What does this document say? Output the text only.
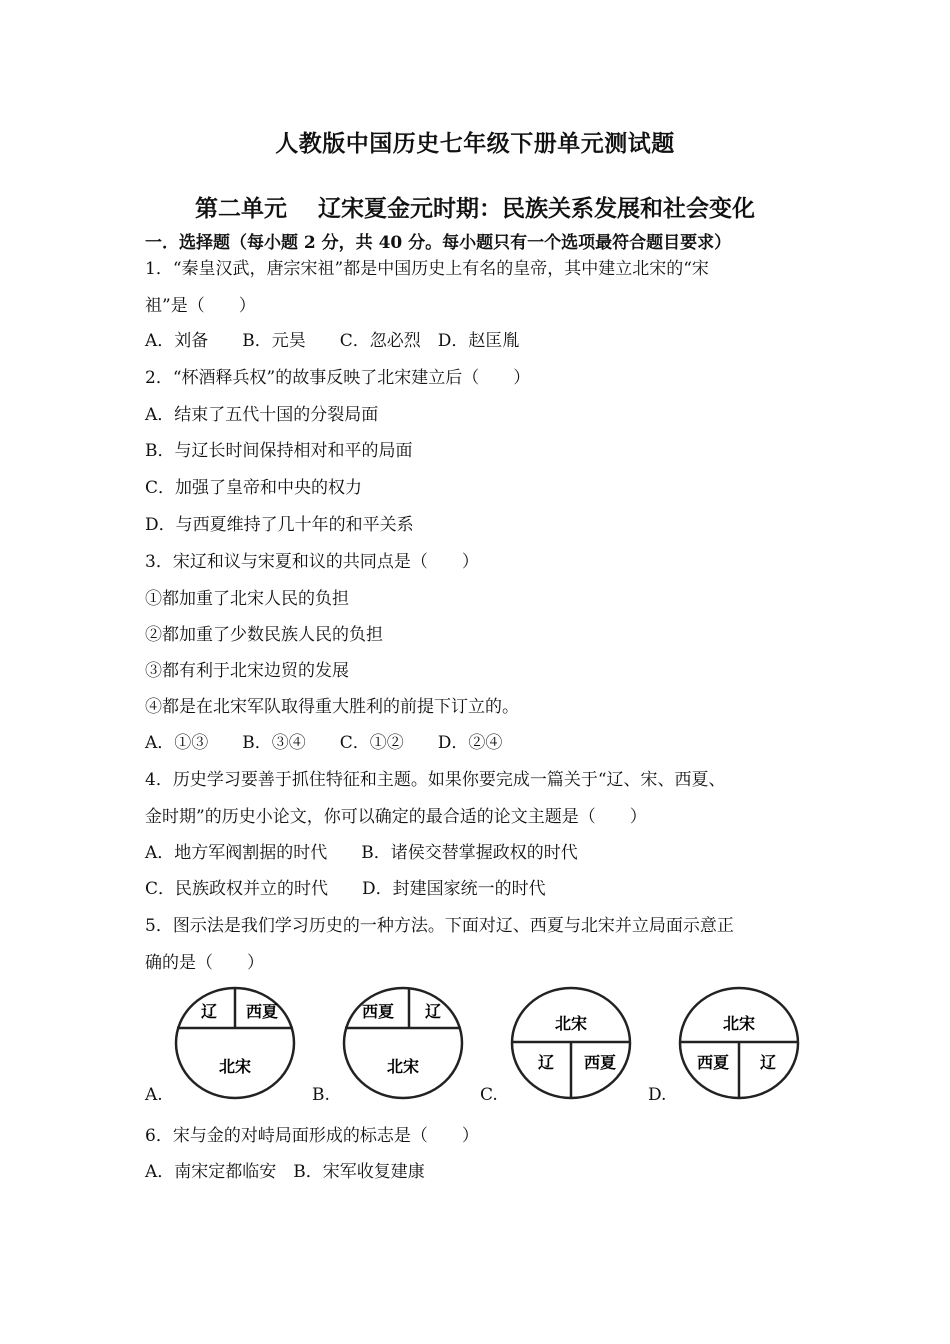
人教版中国历史七年级下册单元测试题
第二单元　 辽宋夏金元时期：民族关系发展和社会变化
一．选择题（每小题 2 分，共 40 分。每小题只有一个选项最符合题目要求）
1．“秦皇汉武，唐宗宋祖”都是中国历史上有名的皇帝，其中建立北宋的“宋
祖”是（　　）
A．刘备　　B．元昊　　C．忽必烈　D．赵匡胤
2．“杯酒释兵权”的故事反映了北宋建立后（　　）
A．结束了五代十国的分裂局面
B．与辽长时间保持相对和平的局面
C．加强了皇帝和中央的权力
D．与西夏维持了几十年的和平关系
3．宋辽和议与宋夏和议的共同点是（　　）
①都加重了北宋人民的负担
②都加重了少数民族人民的负担
③都有利于北宋边贸的发展
④都是在北宋军队取得重大胜利的前提下订立的。
A．①③　　B．③④　　C．①②　　D．②④
4．历史学习要善于抓住特征和主题。如果你要完成一篇关于“辽、宋、西夏、
金时期”的历史小论文，你可以确定的最合适的论文主题是（　　）
A．地方军阀割据的时代　　B．诸侯交替掌握政权的时代
C．民族政权并立的时代　　D．封建国家统一的时代
5．图示法是我们学习历史的一种方法。下面对辽、西夏与北宋并立局面示意正
确的是（　　）
A.
辽 西夏
北宋
B.
西夏 辽
北宋
C.
北宋
辽 西夏
D.
北宋
西夏 辽
6．宋与金的对峙局面形成的标志是（　　）
A．南宋定都临安　B．宋军收复建康
